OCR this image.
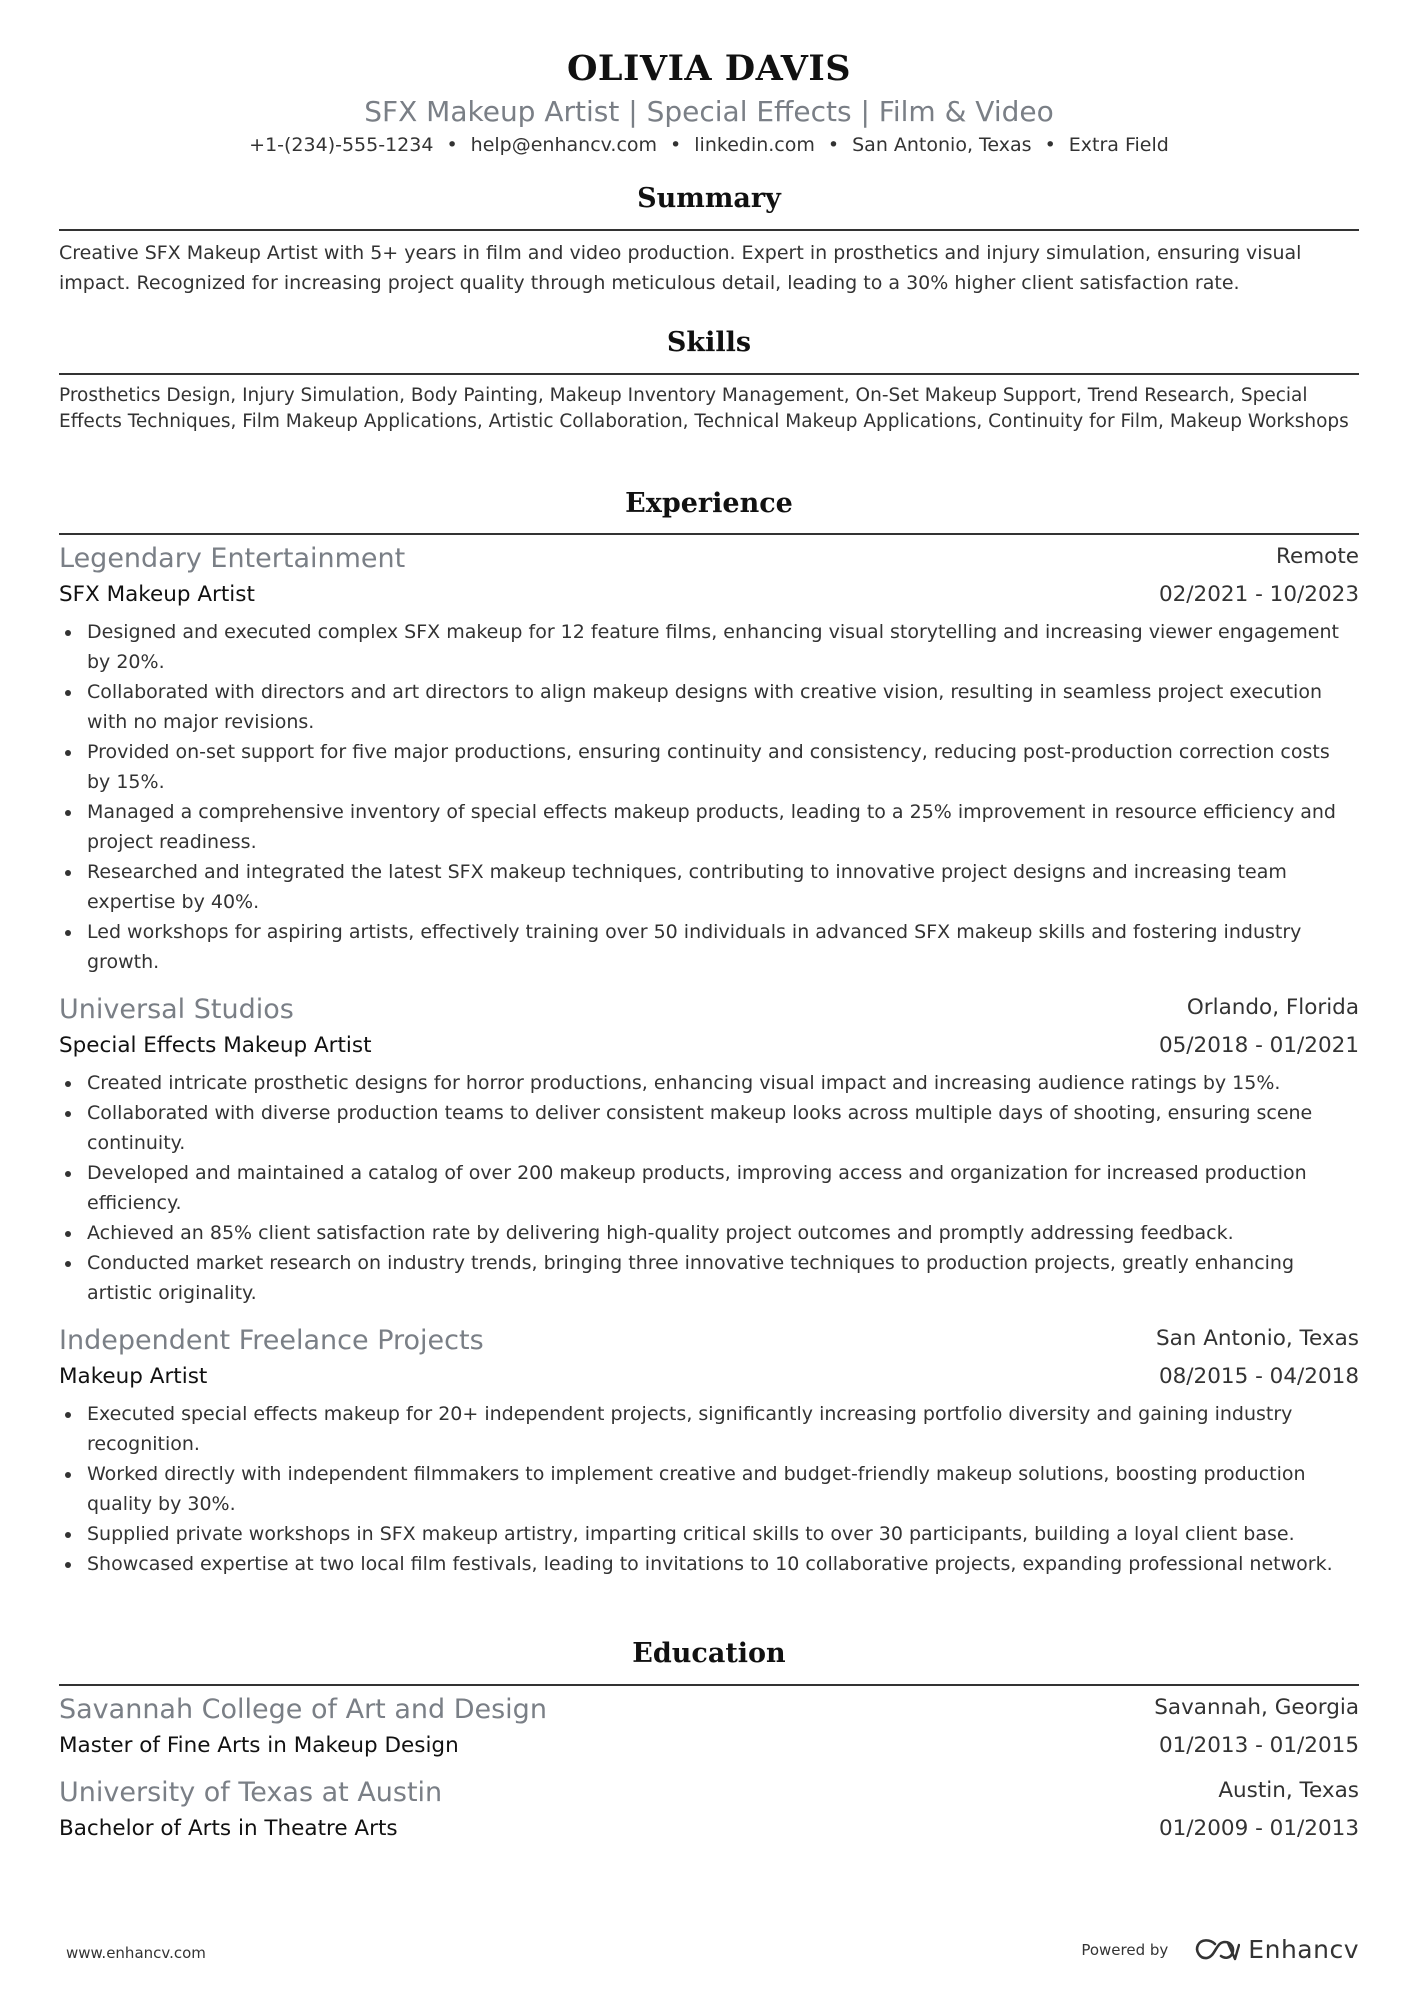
OLIVIA DAVIS
SFX Makeup Artist | Special Effects | Film & Video
+1-(234)-555-1234 • help@enhancv.com • linkedin.com • San Antonio, Texas • Extra Field
Summary
Creative SFX Makeup Artist with 5+ years in film and video production. Expert in prosthetics and injury simulation, ensuring visual impact. Recognized for increasing project quality through meticulous detail, leading to a 30% higher client satisfaction rate.
Skills
Prosthetics Design, Injury Simulation, Body Painting, Makeup Inventory Management, On-Set Makeup Support, Trend Research, Special Effects Techniques, Film Makeup Applications, Artistic Collaboration, Technical Makeup Applications, Continuity for Film, Makeup Workshops
Experience
Legendary Entertainment	Remote
SFX Makeup Artist	02/2021 - 10/2023
Designed and executed complex SFX makeup for 12 feature films, enhancing visual storytelling and increasing viewer engagement by 20%.
Collaborated with directors and art directors to align makeup designs with creative vision, resulting in seamless project execution with no major revisions.
Provided on-set support for five major productions, ensuring continuity and consistency, reducing post-production correction costs by 15%.
Managed a comprehensive inventory of special effects makeup products, leading to a 25% improvement in resource efficiency and project readiness.
Researched and integrated the latest SFX makeup techniques, contributing to innovative project designs and increasing team expertise by 40%.
Led workshops for aspiring artists, effectively training over 50 individuals in advanced SFX makeup skills and fostering industry growth.
Universal Studios	Orlando, Florida
Special Effects Makeup Artist	05/2018 - 01/2021
Created intricate prosthetic designs for horror productions, enhancing visual impact and increasing audience ratings by 15%.
Collaborated with diverse production teams to deliver consistent makeup looks across multiple days of shooting, ensuring scene continuity.
Developed and maintained a catalog of over 200 makeup products, improving access and organization for increased production efficiency.
Achieved an 85% client satisfaction rate by delivering high-quality project outcomes and promptly addressing feedback.
Conducted market research on industry trends, bringing three innovative techniques to production projects, greatly enhancing artistic originality.
Independent Freelance Projects	San Antonio, Texas
Makeup Artist	08/2015 - 04/2018
Executed special effects makeup for 20+ independent projects, significantly increasing portfolio diversity and gaining industry recognition.
Worked directly with independent filmmakers to implement creative and budget-friendly makeup solutions, boosting production quality by 30%.
Supplied private workshops in SFX makeup artistry, imparting critical skills to over 30 participants, building a loyal client base.
Showcased expertise at two local film festivals, leading to invitations to 10 collaborative projects, expanding professional network.
Education
Savannah College of Art and Design	Savannah, Georgia
Master of Fine Arts in Makeup Design	01/2013 - 01/2015
University of Texas at Austin	Austin, Texas
Bachelor of Arts in Theatre Arts	01/2009 - 01/2013
www.enhancv.com	Powered by	Enhancv
